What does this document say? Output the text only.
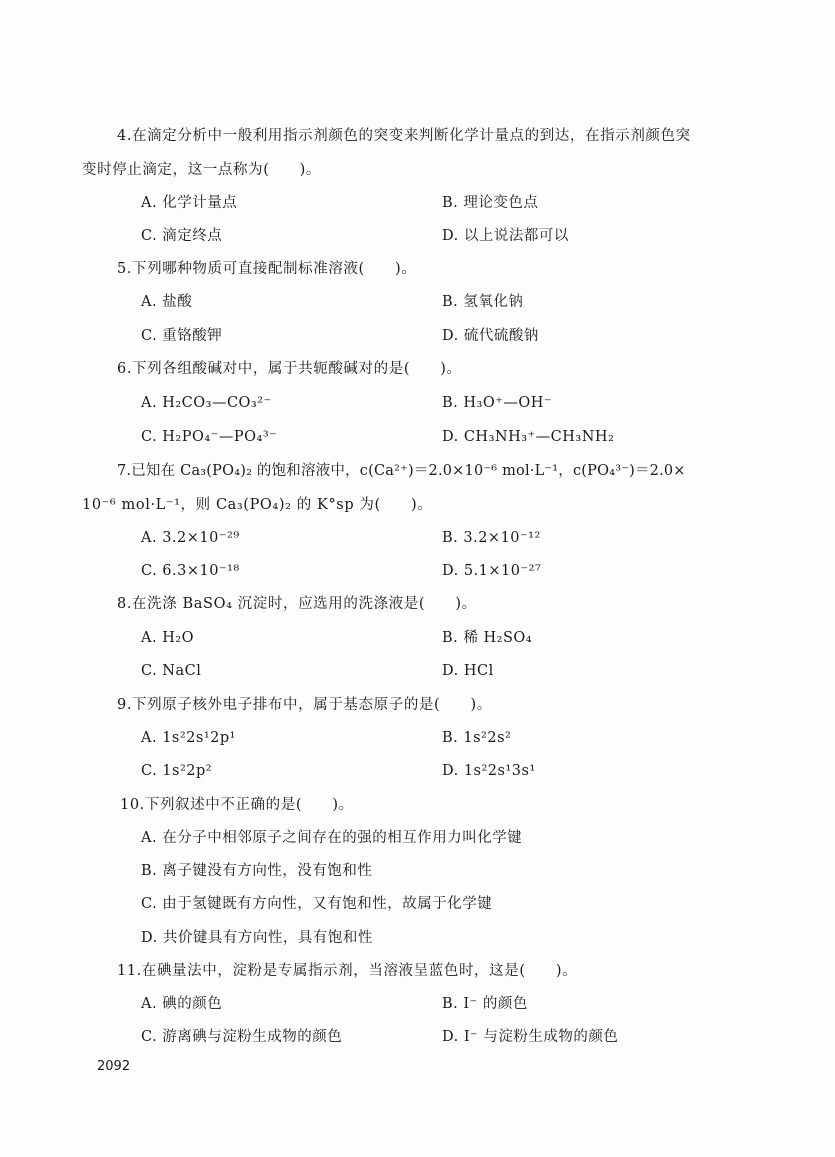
4.在滴定分析中一般利用指示剂颜色的突变来判断化学计量点的到达，在指示剂颜色突
变时停止滴定，这一点称为(　　)。
A. 化学计量点	B. 理论变色点
C. 滴定终点	D. 以上说法都可以
5.下列哪种物质可直接配制标准溶液(　　)。
A. 盐酸	B. 氢氧化钠
C. 重铬酸钾	D. 硫代硫酸钠
6.下列各组酸碱对中，属于共轭酸碱对的是(　　)。
A. H₂CO₃—CO₃²⁻	B. H₃O⁺—OH⁻
C. H₂PO₄⁻—PO₄³⁻	D. CH₃NH₃⁺—CH₃NH₂
7.已知在 Ca₃(PO₄)₂ 的饱和溶液中，c(Ca²⁺)＝2.0×10⁻⁶ mol·L⁻¹，c(PO₄³⁻)＝2.0×
10⁻⁶ mol·L⁻¹，则 Ca₃(PO₄)₂ 的 K°sp 为(　　)。
A. 3.2×10⁻²⁹	B. 3.2×10⁻¹²
C. 6.3×10⁻¹⁸	D. 5.1×10⁻²⁷
8.在洗涤 BaSO₄ 沉淀时，应选用的洗涤液是(　　)。
A. H₂O	B. 稀 H₂SO₄
C. NaCl	D. HCl
9.下列原子核外电子排布中，属于基态原子的是(　　)。
A. 1s²2s¹2p¹	B. 1s²2s²
C. 1s²2p²	D. 1s²2s¹3s¹
10.下列叙述中不正确的是(　　)。
A. 在分子中相邻原子之间存在的强的相互作用力叫化学键
B. 离子键没有方向性，没有饱和性
C. 由于氢键既有方向性，又有饱和性，故属于化学键
D. 共价键具有方向性，具有饱和性
11.在碘量法中，淀粉是专属指示剂，当溶液呈蓝色时，这是(　　)。
A. 碘的颜色	B. I⁻ 的颜色
C. 游离碘与淀粉生成物的颜色	D. I⁻ 与淀粉生成物的颜色
2092
